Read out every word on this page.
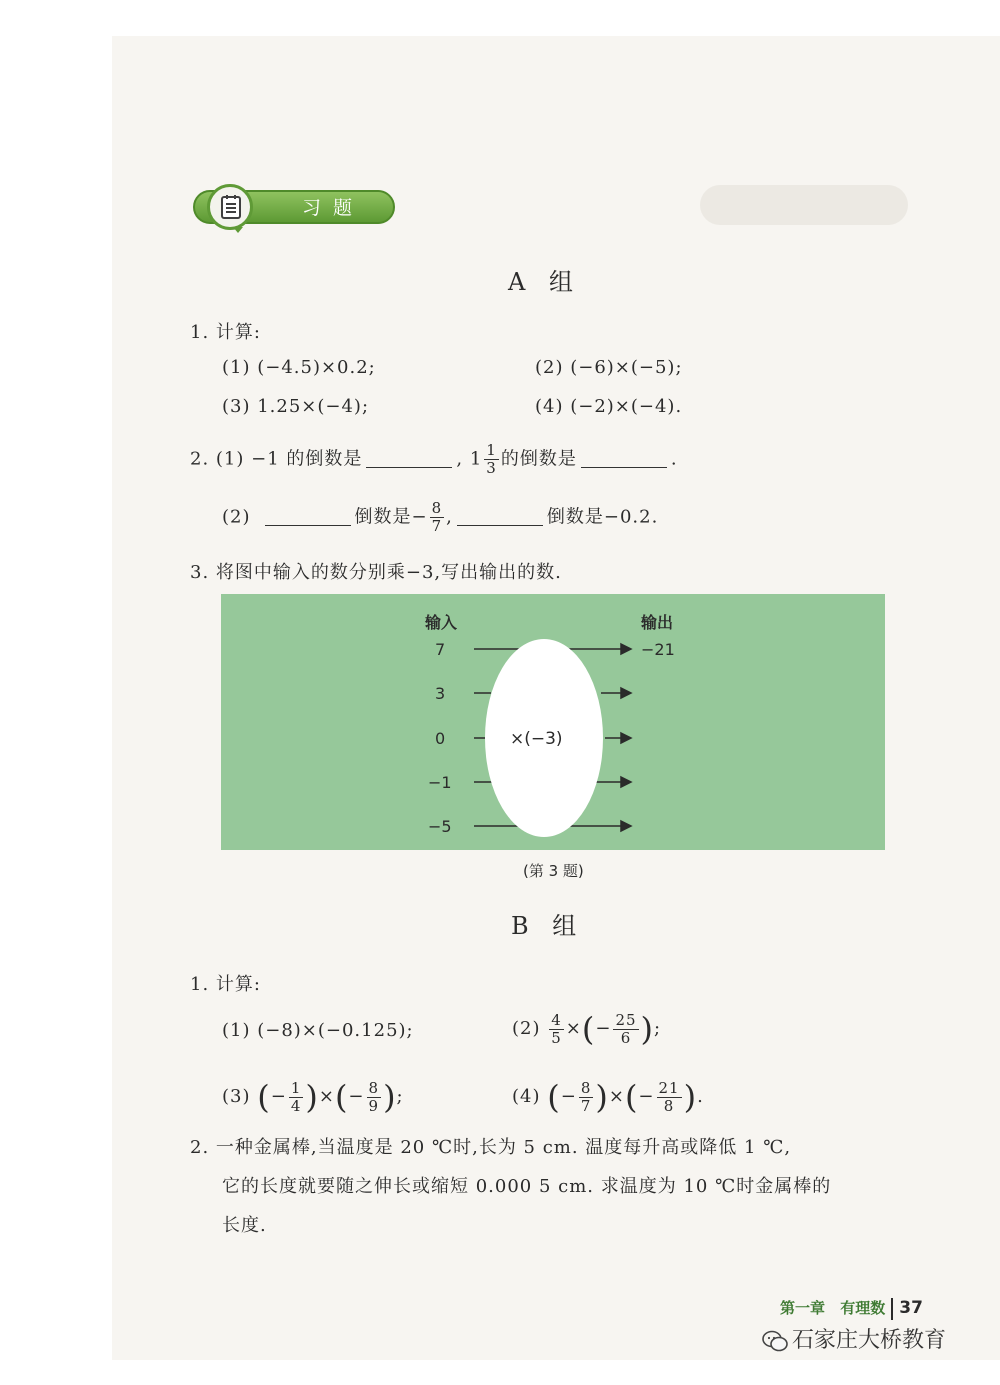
习题
A 组
1. 计算:
(1) (−4.5)×0.2;	(2) (−6)×(−5);
(3) 1.25×(−4);	(4) (−2)×(−4).
2. (1) −1 的倒数是	, $1 \frac{1}{3}$ 的倒数是	.
(2)	倒数是− $\frac{8}{7}$ ,	倒数是−0.2.
3. 将图中输入的数分别乘−3,写出输出的数.
输入	输出
7
3
0
−1
−5
−21
×(−3)
(第 3 题)
B 组
1. 计算:
(1) (−8)×(−0.125);	$(2) \frac{4}{5}$ ×(− $\frac{25}{6}$ );
(3) (− $\frac{1}{4}$ )×(− $\frac{8}{9}$ );	(4) (− $\frac{8}{7}$ )×(− $\frac{21}{8}$ ).
2. 一种金属棒,当温度是 20 ℃时,长为 5 cm. 温度每升高或降低 1 ℃,
它的长度就要随之伸长或缩短 0.000 5 cm. 求温度为 10 ℃时金属棒的
长度.
第一章 有理数 37
石家庄大桥教育
